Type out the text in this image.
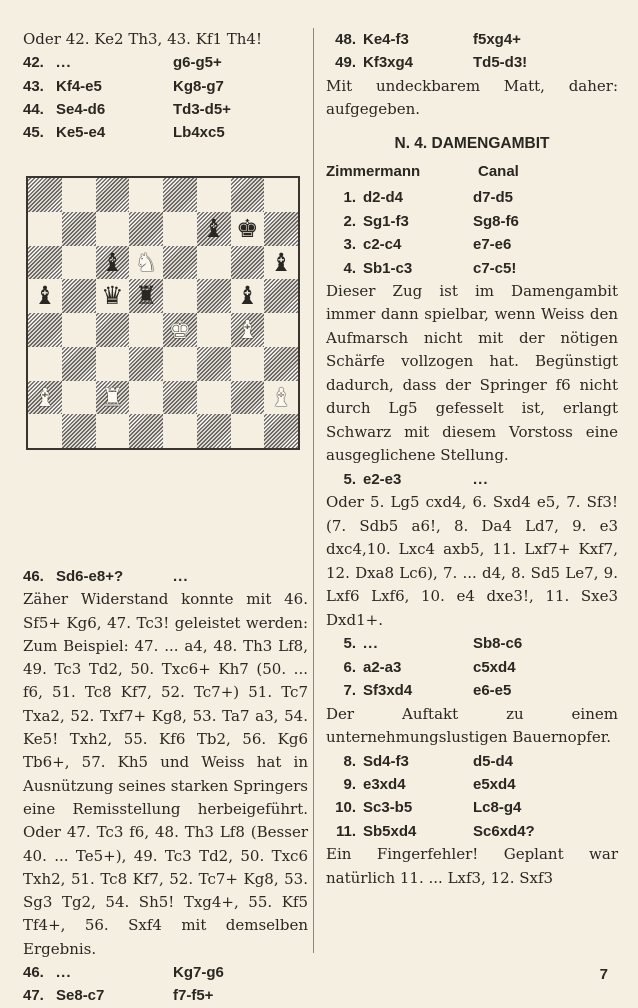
Oder 42. Ke2 Th3, 43. Kf1 Th4!

42. ...	g6-g5+
43. Kf4-e5	Kg8-g7
44. Se4-d6	Td3-d5+
45. Ke5-e4	Lb4xc5
46. Sd6-e8+?	...

Zäher Widerstand konnte mit 46. Sf5+ Kg6, 47. Tc3! geleistet werden: Zum Beispiel: 47. ... a4, 48. Th3 Lf8, 49. Tc3 Td2, 50. Txc6+ Kh7 (50. ... f6, 51. Tc8 Kf7, 52. Tc7+) 51. Tc7 Txa2, 52. Txf7+ Kg8, 53. Ta7 a3, 54. Ke5! Txh2, 55. Kf6 Tb2, 56. Kg6 Tb6+, 57. Kh5 und Weiss hat in Ausnützung seines starken Springers eine Remisstellung herbeigeführt. Oder 47. Tc3 f6, 48. Th3 Lf8 (Besser 40. ... Te5+), 49. Tc3 Td2, 50. Txc6 Txh2, 51. Tc8 Kf7, 52. Tc7+ Kg8, 53. Sg3 Tg2, 54. Sh5! Txg4+, 55. Kf5 Tf4+, 56. Sxf4 mit demselben Ergebnis.

46. ...	Kg7-g6
47. Se8-c7	f7-f5+
♝ ♚
♝ ♞	♝
♝ ♛ ♜	♝
♚ ♝
♝ ♜	♝
48. Ke4-f3	f5xg4+
49. Kf3xg4	Td5-d3!

Mit undeckbarem Matt, daher: aufgegeben.

N. 4. DAMENGAMBIT
Zimmermann	Canal
1. d2-d4	d7-d5
2. Sg1-f3	Sg8-f6
3. c2-c4	e7-e6
4. Sb1-c3	c7-c5!

Dieser Zug ist im Damengambit immer dann spielbar, wenn Weiss den Aufmarsch nicht mit der nötigen Schärfe vollzogen hat. Begünstigt dadurch, dass der Springer f6 nicht durch Lg5 gefesselt ist, erlangt Schwarz mit diesem Vorstoss eine ausgeglichene Stellung.

5. e2-e3	...

Oder 5. Lg5 cxd4, 6. Sxd4 e5, 7. Sf3! (7. Sdb5 a6!, 8. Da4 Ld7, 9. e3 dxc4,10. Lxc4 axb5, 11. Lxf7+ Kxf7, 12. Dxa8 Lc6), 7. ... d4, 8. Sd5 Le7, 9. Lxf6 Lxf6, 10. e4 dxe3!, 11. Sxe3 Dxd1+.

5. ...	Sb8-c6
6. a2-a3	c5xd4
7. Sf3xd4	e6-e5

Der Auftakt zu einem unternehmungslustigen Bauernopfer.

8. Sd4-f3	d5-d4
9. e3xd4	e5xd4
10. Sc3-b5	Lc8-g4
11. Sb5xd4	Sc6xd4?

Ein Fingerfehler! Geplant war natürlich 11. ... Lxf3, 12. Sxf3

7
